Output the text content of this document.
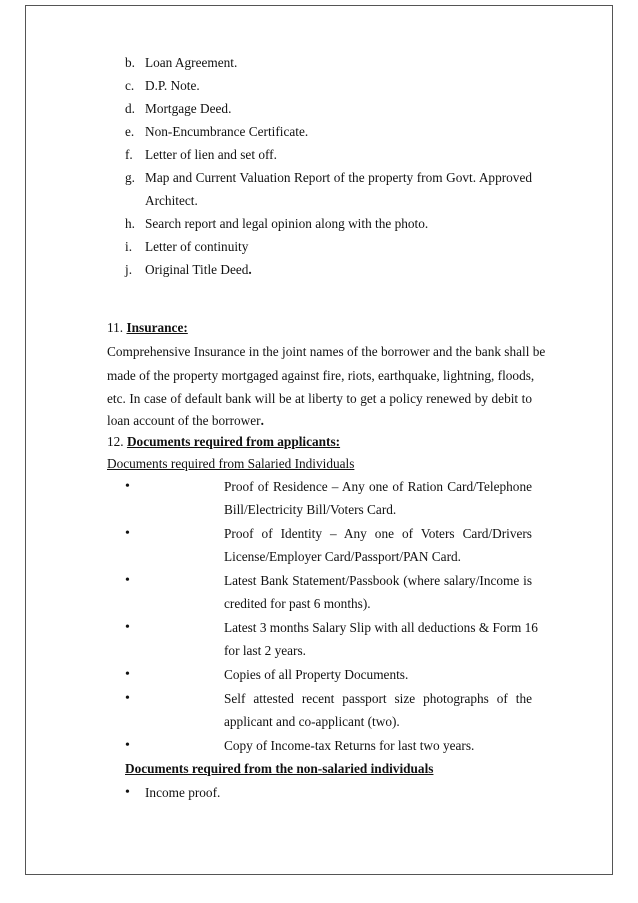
b. Loan Agreement.
c. D.P. Note.
d. Mortgage Deed.
e. Non-Encumbrance Certificate.
f. Letter of lien and set off.
g. Map and Current Valuation Report of the property from Govt. Approved
Architect.
h. Search report and legal opinion along with the photo.
i. Letter of continuity
j. Original Title Deed.
11. Insurance:
Comprehensive Insurance in the joint names of the borrower and the bank shall be
made of the property mortgaged against fire, riots, earthquake, lightning, floods,
etc. In case of default bank will be at liberty to get a policy renewed by debit to
loan account of the borrower.
12. Documents required from applicants:
Documents required from Salaried Individuals
•	Proof of Residence – Any one of Ration Card/Telephone
Bill/Electricity Bill/Voters Card.
•	Proof of Identity – Any one of Voters Card/Drivers
License/Employer Card/Passport/PAN Card.
•	Latest Bank Statement/Passbook (where salary/Income is
credited for past 6 months).
•	Latest 3 months Salary Slip with all deductions & Form 16
for last 2 years.
•	Copies of all Property Documents.
•	Self attested recent passport size photographs of the
applicant and co-applicant (two).
•	Copy of Income-tax Returns for last two years.
Documents required from the non-salaried individuals
• Income proof.
